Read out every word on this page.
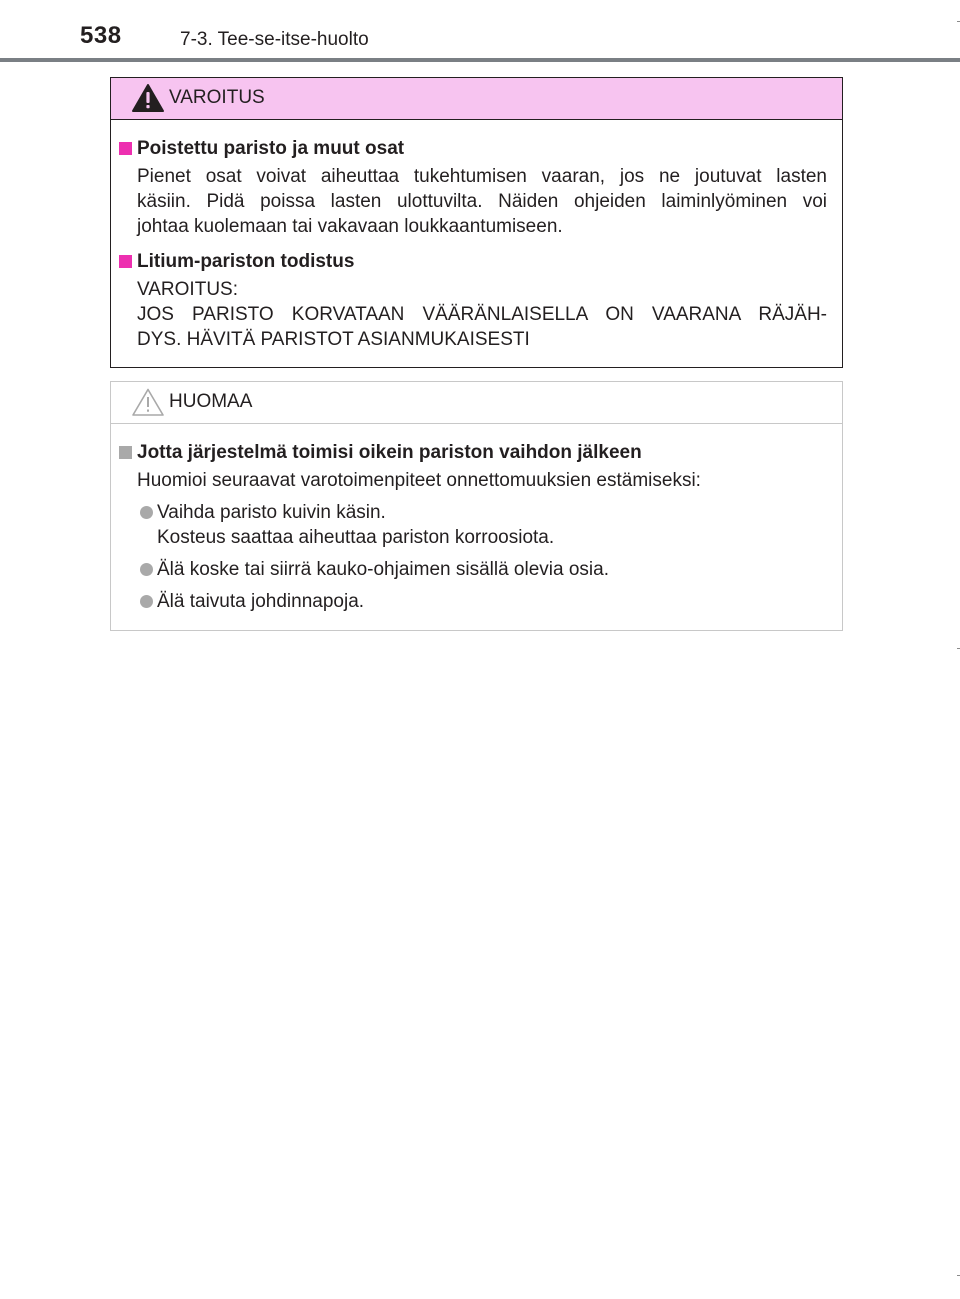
538	7-3. Tee-se-itse-huolto
VAROITUS
Poistettu paristo ja muut osat
Pienet osat voivat aiheuttaa tukehtumisen vaaran, jos ne joutuvat lasten
käsiin. Pidä poissa lasten ulottuvilta. Näiden ohjeiden laiminlyöminen voi
johtaa kuolemaan tai vakavaan loukkaantumiseen.
Litium-pariston todistus
VAROITUS:
JOS PARISTO KORVATAAN VÄÄRÄNLAISELLA ON VAARANA RÄJÄH-
DYS. HÄVITÄ PARISTOT ASIANMUKAISESTI
HUOMAA
Jotta järjestelmä toimisi oikein pariston vaihdon jälkeen
Huomioi seuraavat varotoimenpiteet onnettomuuksien estämiseksi:
Vaihda paristo kuivin käsin.
Kosteus saattaa aiheuttaa pariston korroosiota.
Älä koske tai siirrä kauko-ohjaimen sisällä olevia osia.
Älä taivuta johdinnapoja.
